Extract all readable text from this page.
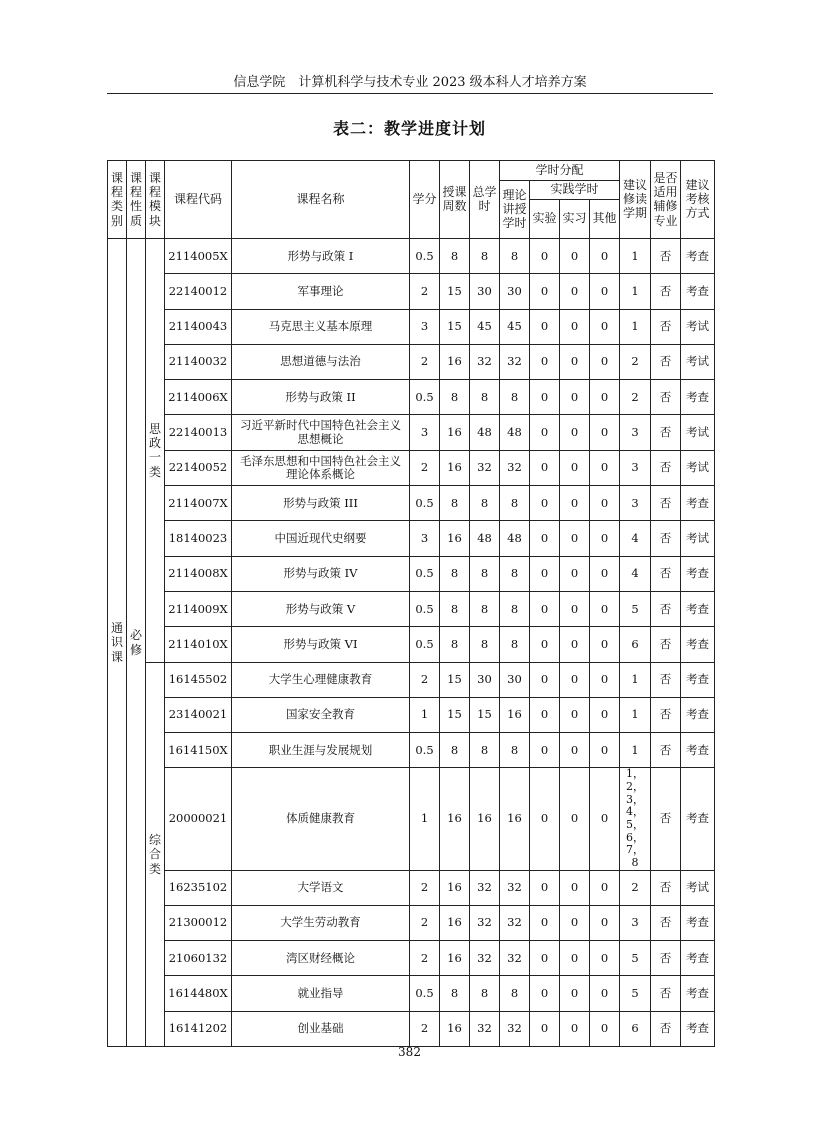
信息学院　计算机科学与技术专业 2023 级本科人才培养方案
表二：教学进度计划
课程类别	课程性质	课程模块	课程代码	课程名称	学分	授课周数	总学时	学时分配				建议修读学期	是否适用辅修专业	建议考核方式
								理论讲授学时	实践学时					
									实验	实习	其他			
通识课	必修	思政一类	2114005X	形势与政策 I	0.5	8	8	8	0	0	0	1	否	考查
			22140012	军事理论	2	15	30	30	0	0	0	1	否	考查
			21140043	马克思主义基本原理	3	15	45	45	0	0	0	1	否	考试
			21140032	思想道德与法治	2	16	32	32	0	0	0	2	否	考试
			2114006X	形势与政策 II	0.5	8	8	8	0	0	0	2	否	考查
			22140013	习近平新时代中国特色社会主义思想概论	3	16	48	48	0	0	0	3	否	考试
			22140052	毛泽东思想和中国特色社会主义理论体系概论	2	16	32	32	0	0	0	3	否	考试
			2114007X	形势与政策 III	0.5	8	8	8	0	0	0	3	否	考查
			18140023	中国近现代史纲要	3	16	48	48	0	0	0	4	否	考试
			2114008X	形势与政策 IV	0.5	8	8	8	0	0	0	4	否	考查
			2114009X	形势与政策 V	0.5	8	8	8	0	0	0	5	否	考查
			2114010X	形势与政策 VI	0.5	8	8	8	0	0	0	6	否	考查
		综合类	16145502	大学生心理健康教育	2	15	30	30	0	0	0	1	否	考查
			23140021	国家安全教育	1	15	15	16	0	0	0	1	否	考查
			1614150X	职业生涯与发展规划	0.5	8	8	8	0	0	0	1	否	考查
			20000021	体质健康教育	1	16	16	16	0	0	0	1，2，3，4，5，6，7，8	否	考查
			16235102	大学语文	2	16	32	32	0	0	0	2	否	考试
			21300012	大学生劳动教育	2	16	32	32	0	0	0	3	否	考查
			21060132	湾区财经概论	2	16	32	32	0	0	0	5	否	考查
			1614480X	就业指导	0.5	8	8	8	0	0	0	5	否	考查
			16141202	创业基础	2	16	32	32	0	0	0	6	否	考查
382
